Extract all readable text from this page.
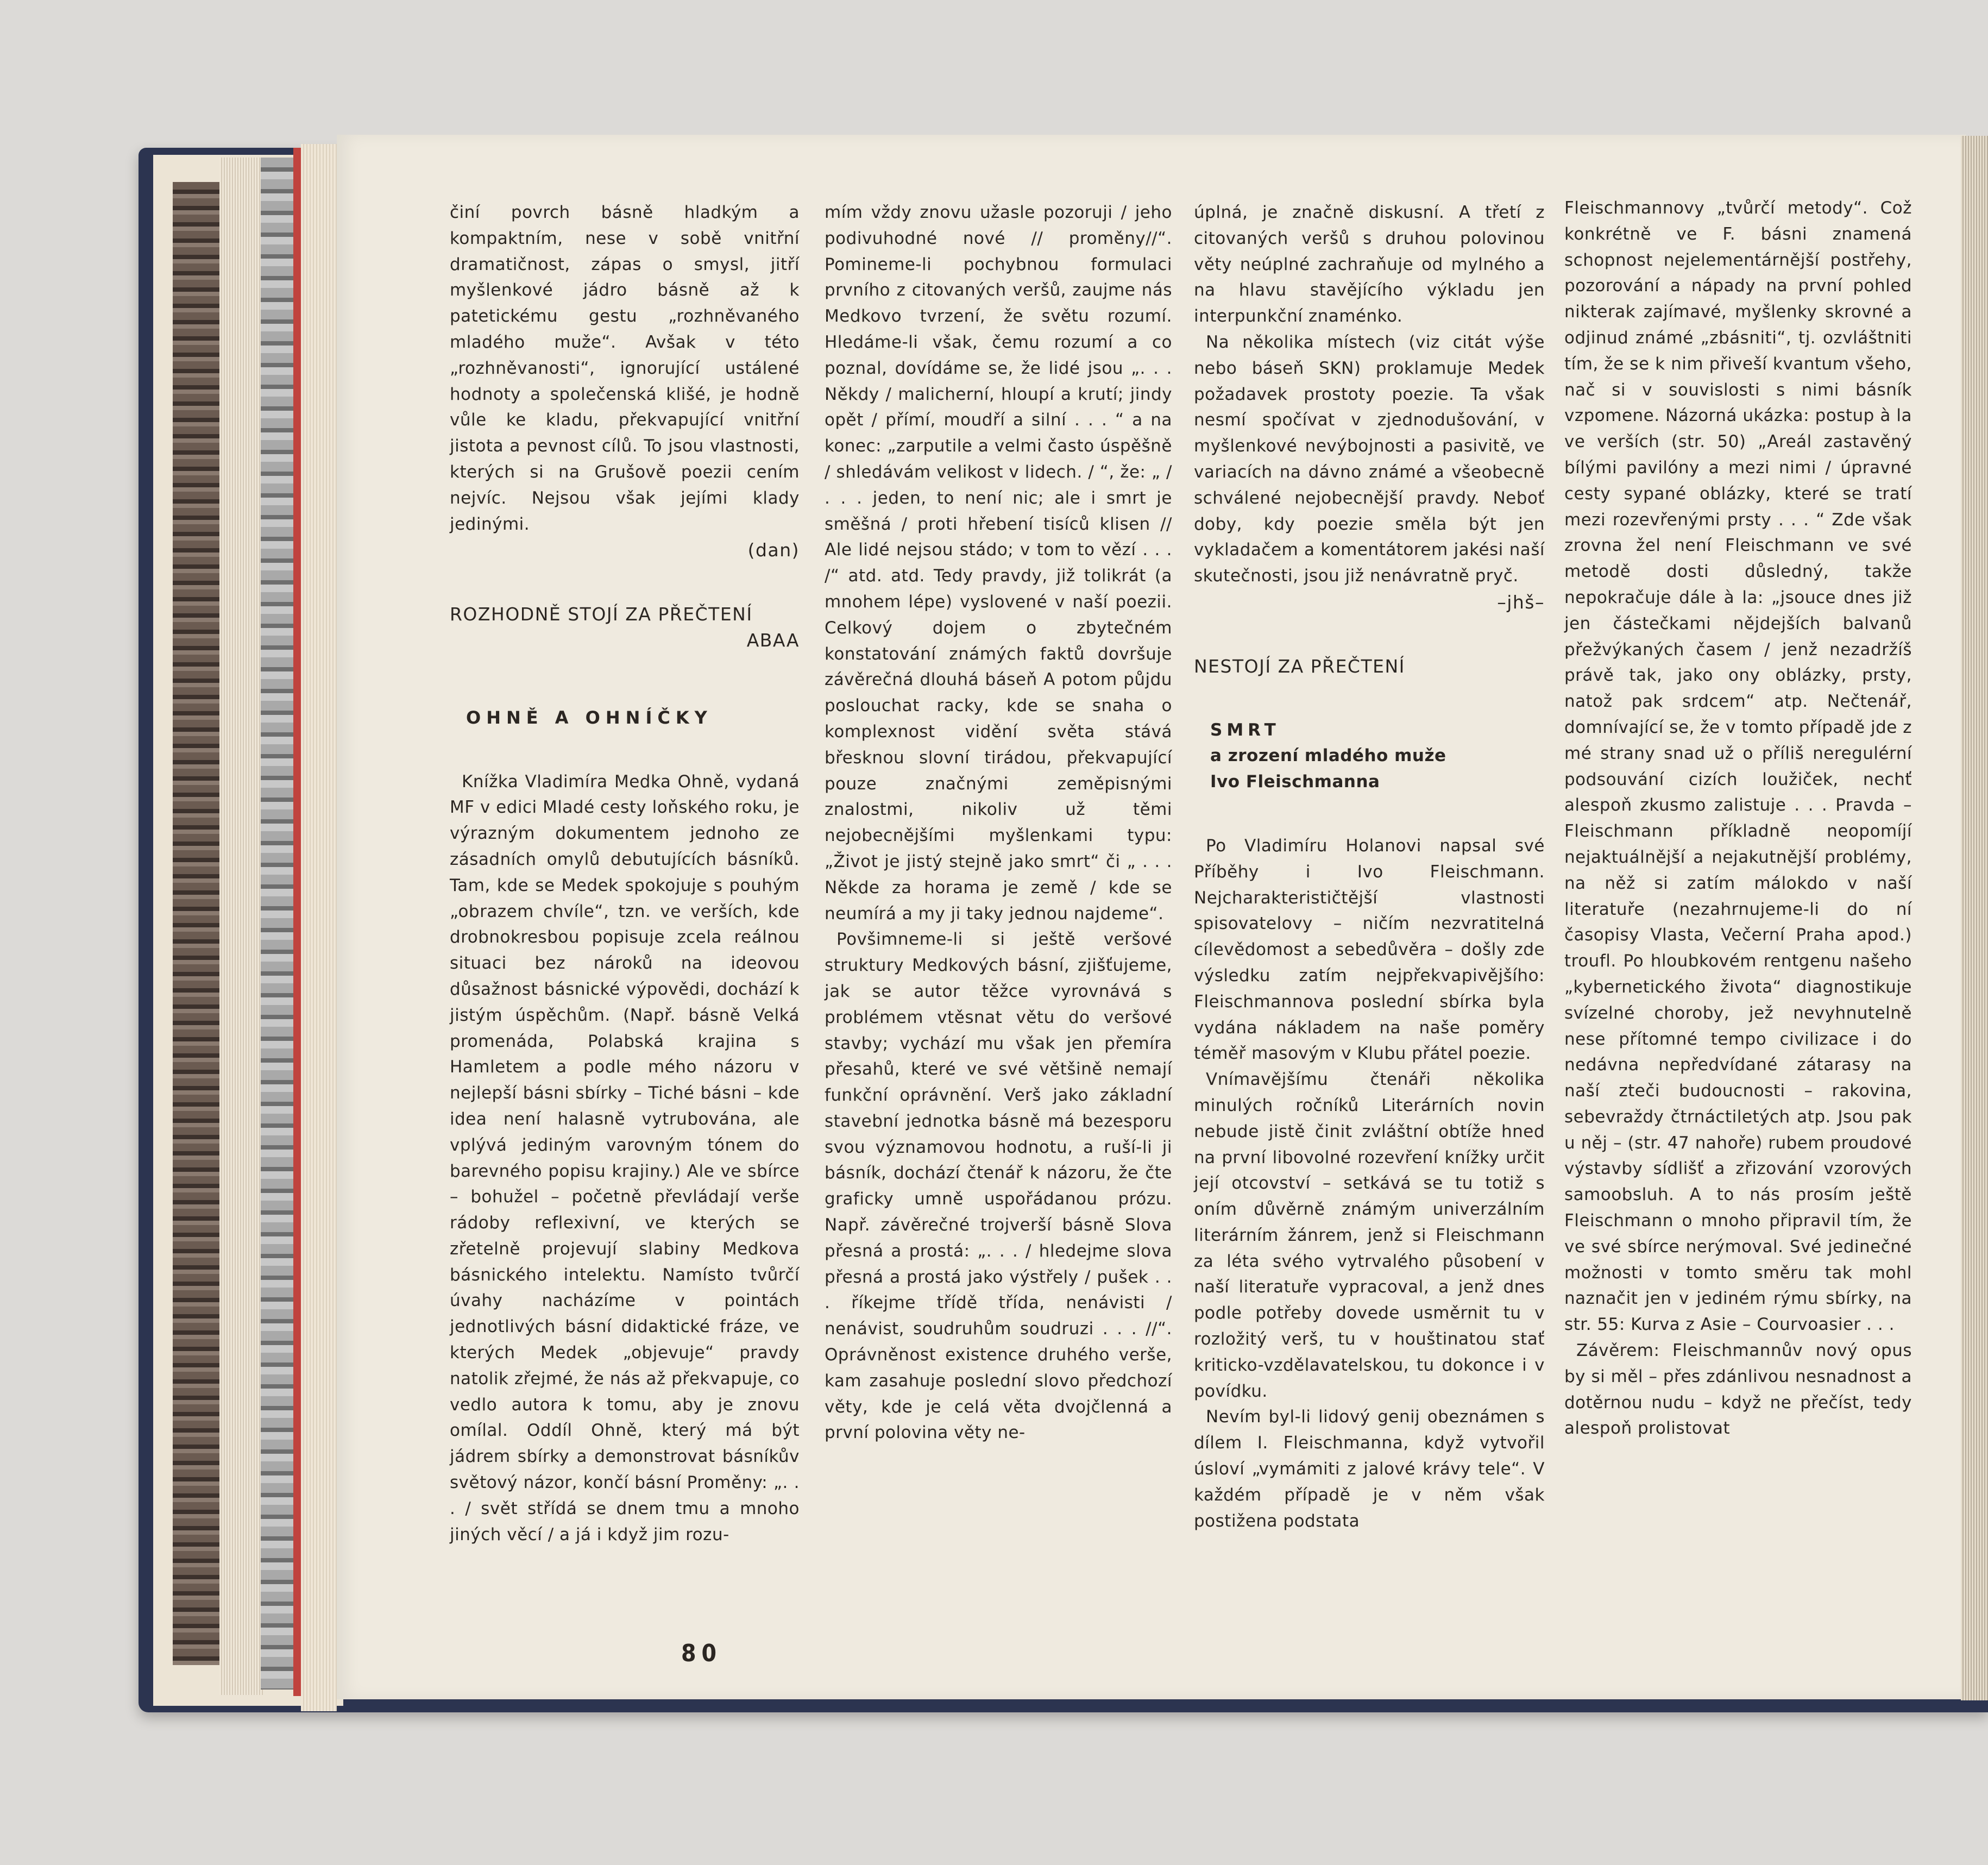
činí povrch básně hladkým a kompaktním, nese v sobě vnitřní dramatičnost, zápas o smysl, jitří myšlenkové jádro básně až k patetickému gestu „rozhněvaného mladého muže“. Avšak v této „rozhněvanosti“, ignorující ustálené hodnoty a společenská klišé, je hodně vůle ke kladu, překvapující vnitřní jistota a pevnost cílů. To jsou vlastnosti, kterých si na Grušově poezii cením nejvíc. Nejsou však jejími klady jedinými.

(dan)

ROZHODNĚ STOJÍ ZA PŘEČTENÍ

ABAA

OHNĚ A OHNÍČKY

Knížka Vladimíra Medka Ohně, vydaná MF v edici Mladé cesty loňského roku, je výrazným dokumentem jednoho ze zásadních omylů debutujících básníků. Tam, kde se Medek spokojuje s pouhým „obrazem chvíle“, tzn. ve verších, kde drobnokresbou popisuje zcela reálnou situaci bez nároků na ideovou důsažnost básnické výpovědi, dochází k jistým úspěchům. (Např. básně Velká promenáda, Polabská krajina s Hamletem a podle mého názoru v nejlepší básni sbírky – Tiché básni – kde idea není halasně vytrubována, ale vplývá jediným varovným tónem do barevného popisu krajiny.) Ale ve sbírce – bohužel – početně převládají verše rádoby reflexivní, ve kterých se zřetelně projevují slabiny Medkova básnického intelektu. Namísto tvůrčí úvahy nacházíme v pointách jednotlivých básní didaktické fráze, ve kterých Medek „objevuje“ pravdy natolik zřejmé, že nás až překvapuje, co vedlo autora k tomu, aby je znovu omílal. Oddíl Ohně, který má být jádrem sbírky a demonstrovat básníkův světový názor, končí básní Proměny: „. . . / svět střídá se dnem tmu a mnoho jiných věcí / a já i když jim rozu-

mím vždy znovu užasle pozoruji / jeho podivuhodné nové // proměny//“. Pomineme-li pochybnou formulaci prvního z citovaných veršů, zaujme nás Medkovo tvrzení, že světu rozumí. Hledáme-li však, čemu rozumí a co poznal, dovídáme se, že lidé jsou „. . . Někdy / malicherní, hloupí a krutí; jindy opět / přímí, moudří a silní . . . “ a na konec: „zarputile a velmi často úspěšně / shledávám velikost v lidech. / “, že: „ / . . . jeden, to není nic; ale i smrt je směšná / proti hřebení tisíců klisen // Ale lidé nejsou stádo; v tom to vězí . . . /“ atd. atd. Tedy pravdy, již tolikrát (a mnohem lépe) vyslovené v naší poezii. Celkový dojem o zbytečném konstatování známých faktů dovršuje závěrečná dlouhá báseň A potom půjdu poslouchat racky, kde se snaha o komplexnost vidění světa stává břesknou slovní tirádou, překvapující pouze značnými zeměpisnými znalostmi, nikoliv už těmi nejobecnějšími myšlenkami typu: „Život je jistý stejně jako smrt“ či „ . . . Někde za horama je země / kde se neumírá a my ji taky jednou najdeme“.

Povšimneme-li si ještě veršové struktury Medkových básní, zjišťujeme, jak se autor těžce vyrovnává s problémem vtěsnat větu do veršové stavby; vychází mu však jen přemíra přesahů, které ve své většině nemají funkční oprávnění. Verš jako základní stavební jednotka básně má bezesporu svou významovou hodnotu, a ruší-li ji básník, dochází čtenář k názoru, že čte graficky umně uspořádanou prózu. Např. závěrečné trojverší básně Slova přesná a prostá: „. . . / hledejme slova přesná a prostá jako výstřely / pušek . . . říkejme třídě třída, nenávisti / nenávist, soudruhům soudruzi . . . //“. Oprávněnost existence druhého verše, kam zasahuje poslední slovo předchozí věty, kde je celá věta dvojčlenná a první polovina věty ne-

úplná, je značně diskusní. A třetí z citovaných veršů s druhou polovinou věty neúplné zachraňuje od mylného a na hlavu stavějícího výkladu jen interpunkční znaménko.

Na několika místech (viz citát výše nebo báseň SKN) proklamuje Medek požadavek prostoty poezie. Ta však nesmí spočívat v zjednodušování, v myšlenkové nevýbojnosti a pasivitě, ve variacích na dávno známé a všeobecně schválené nejobecnější pravdy. Neboť doby, kdy poezie směla být jen vykladačem a komentátorem jakési naší skutečnosti, jsou již nenávratně pryč.

–jhš–

NESTOJÍ ZA PŘEČTENÍ

SMRT

a zrození mladého muže
Ivo Fleischmanna

Po Vladimíru Holanovi napsal své Příběhy i Ivo Fleischmann. Nejcharakterističtější vlastnosti spisovatelovy – ničím nezvratitelná cílevědomost a sebedůvěra – došly zde výsledku zatím nejpřekvapivějšího: Fleischmannova poslední sbírka byla vydána nákladem na naše poměry téměř masovým v Klubu přátel poezie.

Vnímavějšímu čtenáři několika minulých ročníků Literárních novin nebude jistě činit zvláštní obtíže hned na první libovolné rozevření knížky určit její otcovství – setkává se tu totiž s oním důvěrně známým univerzálním literárním žánrem, jenž si Fleischmann za léta svého vytrvalého působení v naší literatuře vypracoval, a jenž dnes podle potřeby dovede usměrnit tu v rozložitý verš, tu v houštinatou stať kriticko-vzdělavatelskou, tu dokonce i v povídku.

Nevím byl-li lidový genij obeznámen s dílem I. Fleischmanna, když vytvořil úsloví „vymámiti z jalové krávy tele“. V každém případě je v něm však postižena podstata

Fleischmannovy „tvůrčí metody“. Což konkrétně ve F. básni znamená schopnost nejelementárnější postřehy, pozorování a nápady na první pohled nikterak zajímavé, myšlenky skrovné a odjinud známé „zbásniti“, tj. ozvláštniti tím, že se k nim přiveší kvantum všeho, nač si v souvislosti s nimi básník vzpomene. Názorná ukázka: postup à la ve verších (str. 50) „Areál zastavěný bílými pavilóny a mezi nimi / úpravné cesty sypané oblázky, které se tratí mezi rozevřenými prsty . . . “ Zde však zrovna žel není Fleischmann ve své metodě dosti důsledný, takže nepokračuje dále à la: „jsouce dnes již jen částečkami nějdejších balvanů přežvýkaných časem / jenž nezadržíš právě tak, jako ony oblázky, prsty, natož pak srdcem“ atp. Nečtenář, domnívající se, že v tomto případě jde z mé strany snad už o příliš neregulérní podsouvání cizích loužiček, nechť alespoň zkusmo zalistuje . . . Pravda – Fleischmann příkladně neopomíjí nejaktuálnější a nejakutnější problémy, na něž si zatím málokdo v naší literatuře (nezahrnujeme-li do ní časopisy Vlasta, Večerní Praha apod.) troufl. Po hloubkovém rentgenu našeho „kybernetického života“ diagnostikuje svízelné choroby, jež nevyhnutelně nese přítomné tempo civilizace i do nedávna nepředvídané zátarasy na naší zteči budoucnosti – rakovina, sebevraždy čtrnáctiletých atp. Jsou pak u něj – (str. 47 nahoře) rubem proudové výstavby sídlišť a zřizování vzorových samoobsluh. A to nás prosím ještě Fleischmann o mnoho připravil tím, že ve své sbírce nerýmoval. Své jedinečné možnosti v tomto směru tak mohl naznačit jen v jediném rýmu sbírky, na str. 55: Kurva z Asie – Courvoasier . . .

Závěrem: Fleischmannův nový opus by si měl – přes zdánlivou nesnadnost a dotěrnou nudu – když ne přečíst, tedy alespoň prolistovat

80
